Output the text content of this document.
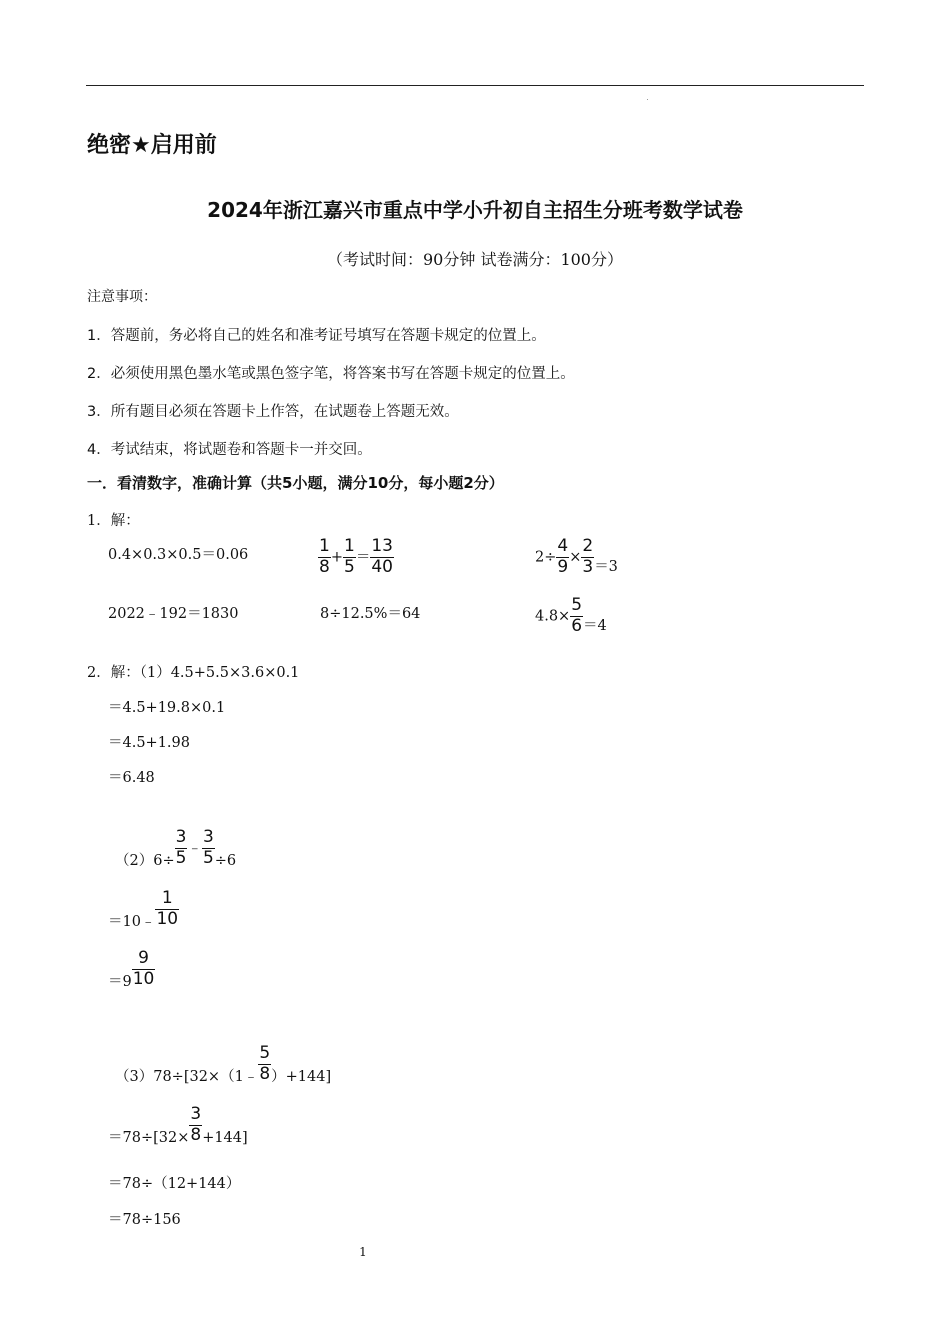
绝密★启用前
2024年浙江嘉兴市重点中学小升初自主招生分班考数学试卷
（考试时间：90分钟 试卷满分：100分）
注意事项：
1．答题前，务必将自己的姓名和准考证号填写在答题卡规定的位置上。
2．必须使用黑色墨水笔或黑色签字笔，将答案书写在答题卡规定的位置上。
3．所有题目必须在答题卡上作答，在试题卷上答题无效。
4．考试结束，将试题卷和答题卡一并交回。
一．看清数字，准确计算（共5小题，满分10分，每小题2分）
1．解：
0.4×0.3×0.5＝0.06	$\frac{1}{8} + \frac{1}{5} = \frac{13}{40}$	$2\div \frac{4}{9} \times \frac{2}{3} =3$
2022﹣192＝1830	8÷12.5%＝64	$4.8\times \frac{5}{6} =4$
2．解：（1）4.5+5.5×3.6×0.1
＝4.5+19.8×0.1
＝4.5+1.98
＝6.48
$(2)6\div \frac{3}{5}$ ﹣ $\frac{3}{5} \div 6$
＝10﹣ $\frac{1}{10}$
$=9 \frac{9}{10}$
（3）78÷[32×（1﹣ $\frac{5}{8} )+144$]
$=78\div[32\times \frac{3}{8} +144]$
＝78÷（12+144）
＝78÷156
1
